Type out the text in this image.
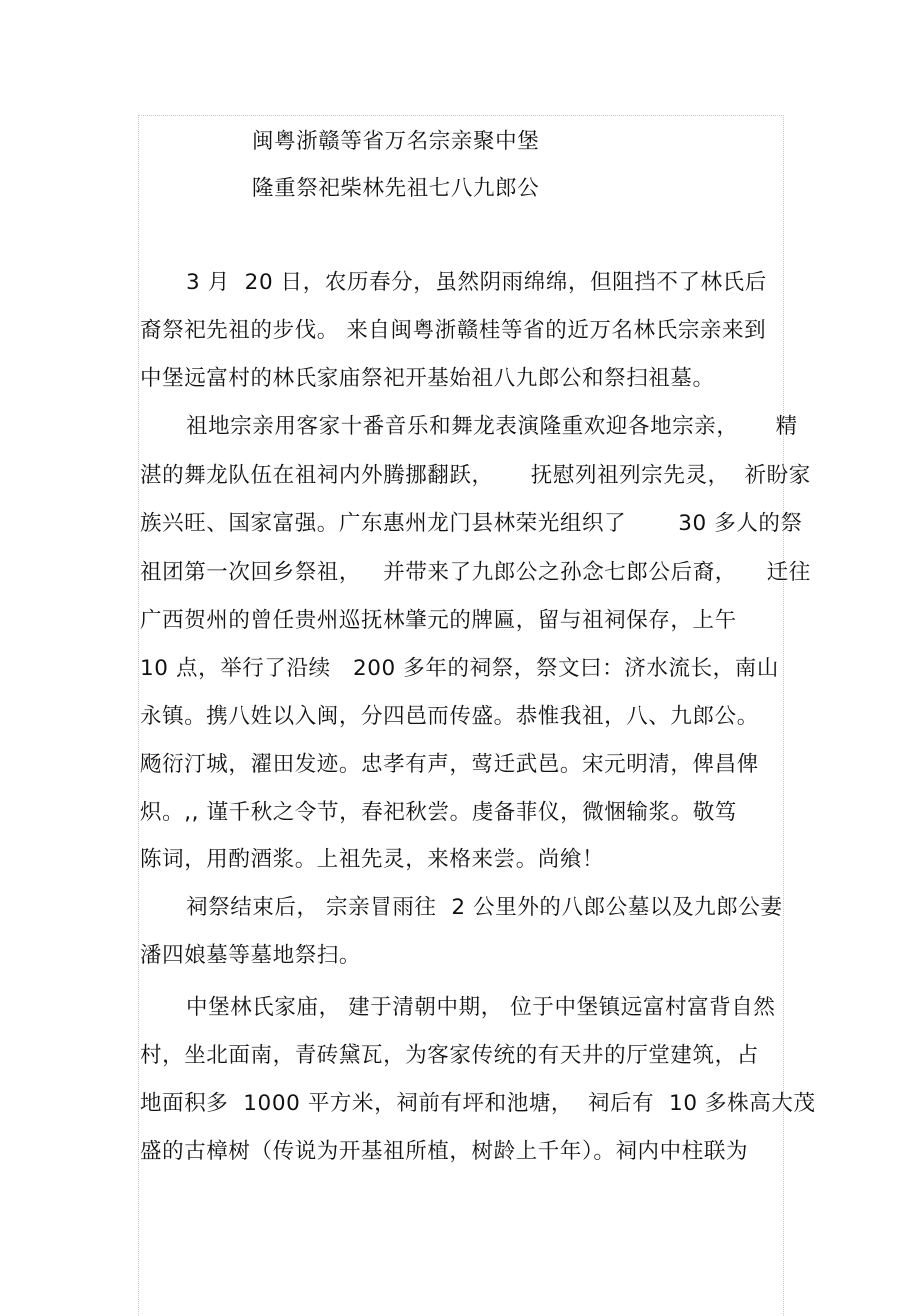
闽粤浙赣等省万名宗亲聚中堡
隆重祭祀柴林先祖七八九郎公
3 月  20 日，农历春分，虽然阴雨绵绵，但阻挡不了林氏后
裔祭祀先祖的步伐。 来自闽粤浙赣桂等省的近万名林氏宗亲来到
中堡远富村的林氏家庙祭祀开基始祖八九郎公和祭扫祖墓。
祖地宗亲用客家十番音乐和舞龙表演隆重欢迎各地宗亲，     精
湛的舞龙队伍在祖祠内外腾挪翻跃，     抚慰列祖列宗先灵，  祈盼家
族兴旺、国家富强。广东惠州龙门县林荣光组织了       30 多人的祭
祖团第一次回乡祭祖，   并带来了九郎公之孙念七郎公后裔，    迁往
广西贺州的曾任贵州巡抚林肇元的牌匾，留与祖祠保存，上午
10 点，举行了沿续   200 多年的祠祭，祭文曰：济水流长，南山
永镇。携八姓以入闽，分四邑而传盛。恭惟我祖，八、九郎公。
飏衍汀城，濯田发迹。忠孝有声，莺迁武邑。宋元明清，俾昌俾
炽。,, 谨千秋之令节，春祀秋尝。虔备菲仪，微悃输浆。敬笃
陈词，用酌酒浆。上祖先灵，来格来尝。尚飨！
祠祭结束后， 宗亲冒雨往  2 公里外的八郎公墓以及九郎公妻
潘四娘墓等墓地祭扫。
中堡林氏家庙， 建于清朝中期， 位于中堡镇远富村富背自然
村，坐北面南，青砖黛瓦，为客家传统的有天井的厅堂建筑，占
地面积多  1000 平方米，祠前有坪和池塘，  祠后有  10 多株高大茂
盛的古樟树（传说为开基祖所植，树龄上千年）。祠内中柱联为
